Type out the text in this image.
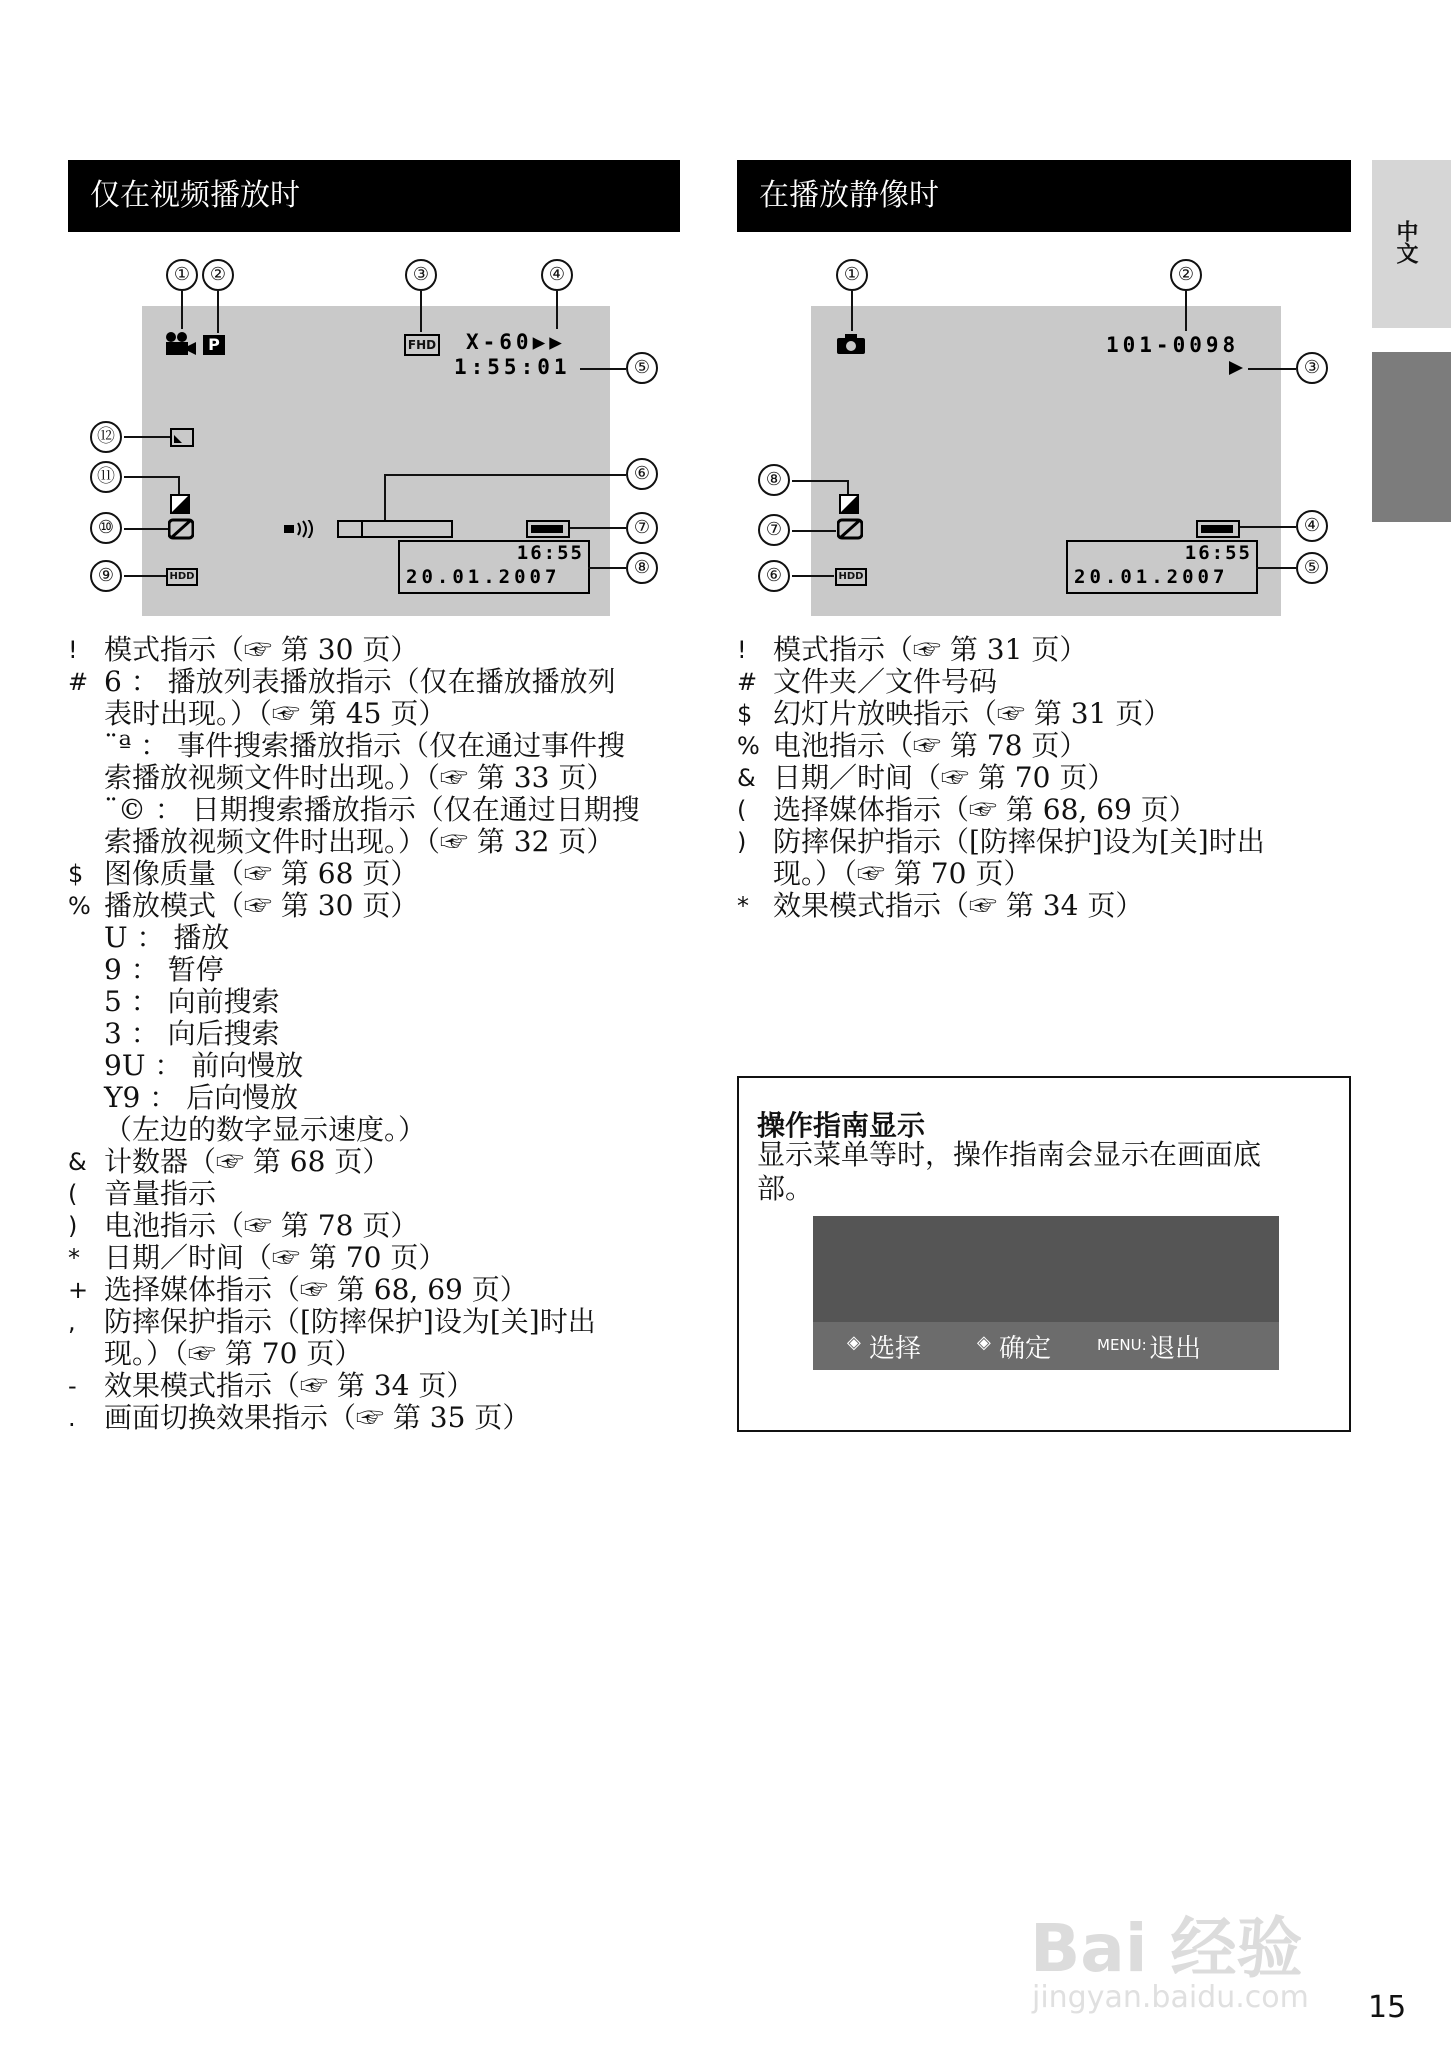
仅在视频播放时
P	FHD X-60▶▶
1:55:01
HDD
16:55
20.01.2007
①	②	③	④
⑤
⑥
⑦
⑧
⑨
⑩
⑪
⑫
! 模式指示（☞ 第 30 页）
# 6 ： 播放列表播放指示（仅在播放播放列
表时出现。）（☞ 第 45 页）
¨ª ： 事件搜索播放指示（仅在通过事件搜
索播放视频文件时出现。）（☞ 第 33 页）
¨© ： 日期搜索播放指示（仅在通过日期搜
索播放视频文件时出现。）（☞ 第 32 页）
$ 图像质量（☞ 第 68 页）
% 播放模式（☞ 第 30 页）
U ： 播放
9 ： 暂停
5 ： 向前搜索
3 ： 向后搜索
9U ： 前向慢放
Y9 ： 后向慢放
（左边的数字显示速度。）
& 计数器（☞ 第 68 页）
( 音量指示
) 电池指示（☞ 第 78 页）
* 日期／时间（☞ 第 70 页）
+ 选择媒体指示（☞ 第 68, 69 页）
,	防摔保护指示（[防摔保护]设为[关]时出
现。）（☞ 第 70 页）
- 效果模式指示（☞ 第 34 页）
.	画面切换效果指示（☞ 第 35 页）
在播放静像时
101-0098
HDD
16:55
20.01.2007
①	②
③
④
⑤
⑥
⑦
⑧
! 模式指示（☞ 第 31 页）
# 文件夹／文件号码
$ 幻灯片放映指示（☞ 第 31 页）
% 电池指示（☞ 第 78 页）
& 日期／时间（☞ 第 70 页）
( 选择媒体指示（☞ 第 68, 69 页）
) 防摔保护指示（[防摔保护]设为[关]时出
现。）（☞ 第 70 页）
* 效果模式指示（☞ 第 34 页）
操作指南显示
显示菜单等时，操作指南会显示在画面底
部。
◈ 选择	◈ 确定	MENU: 退出
中文
Bai 经验
jingyan.baidu.com 15
